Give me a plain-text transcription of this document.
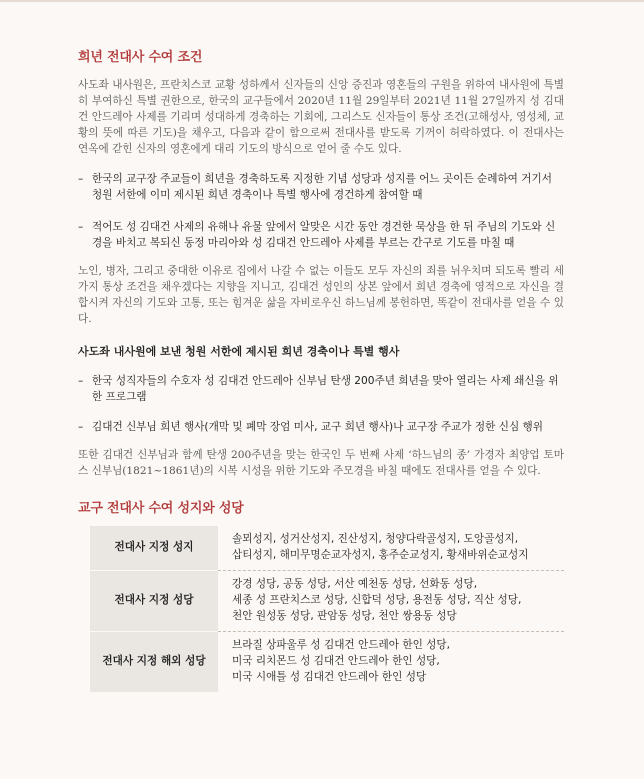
희년 전대사 수여 조건

사도좌 내사원은, 프란치스코 교황 성하께서 신자들의 신앙 증진과 영혼들의 구원을 위하여 내사원에 특별히 부여하신 특별 권한으로, 한국의 교구들에서 2020년 11월 29일부터 2021년 11월 27일까지 성 김대건 안드레아 사제를 기리며 성대하게 경축하는 기회에, 그리스도 신자들이 통상 조건(고해성사, 영성체, 교황의 뜻에 따른 기도)을 채우고, 다음과 같이 함으로써 전대사를 받도록 기꺼이 허락하였다. 이 전대사는 연옥에 갇힌 신자의 영혼에게 대리 기도의 방식으로 얻어 줄 수도 있다.

– 한국의 교구장 주교들이 희년을 경축하도록 지정한 기념 성당과 성지를 어느 곳이든 순례하여 거기서 청원 서한에 이미 제시된 희년 경축이나 특별 행사에 경건하게 참여할 때
– 적어도 성 김대건 사제의 유해나 유물 앞에서 알맞은 시간 동안 경건한 묵상을 한 뒤 주님의 기도와 신경을 바치고 복되신 동정 마리아와 성 김대건 안드레아 사제를 부르는 간구로 기도를 마칠 때

노인, 병자, 그리고 중대한 이유로 집에서 나갈 수 없는 이들도 모두 자신의 죄를 뉘우치며 되도록 빨리 세 가지 통상 조건을 채우겠다는 지향을 지니고, 김대건 성인의 상본 앞에서 희년 경축에 영적으로 자신을 결합시켜 자신의 기도와 고통, 또는 힘겨운 삶을 자비로우신 하느님께 봉헌하면, 똑같이 전대사를 얻을 수 있다.

사도좌 내사원에 보낸 청원 서한에 제시된 희년 경축이나 특별 행사
– 한국 성직자들의 수호자 성 김대건 안드레아 신부님 탄생 200주년 희년을 맞아 열리는 사제 쇄신을 위한 프로그램
– 김대건 신부님 희년 행사(개막 및 폐막 장엄 미사, 교구 희년 행사)나 교구장 주교가 정한 신심 행위

또한 김대건 신부님과 함께 탄생 200주년을 맞는 한국인 두 번째 사제 ‘하느님의 종’ 가경자 최양업 토마스 신부님(1821~1861년)의 시복 시성을 위한 기도와 주모경을 바칠 때에도 전대사를 얻을 수 있다.

교구 전대사 수여 성지와 성당
전대사 지정 성지	솔뫼성지, 성거산성지, 진산성지, 청양다락골성지, 도앙골성지,
삽티성지, 해미무명순교자성지, 홍주순교성지, 황새바위순교성지

전대사 지정 성당	강경 성당, 공동 성당, 서산 예천동 성당, 선화동 성당,
세종 성 프란치스코 성당, 신합덕 성당, 용전동 성당, 직산 성당,
천안 원성동 성당, 판암동 성당, 천안 쌍용동 성당

전대사 지정 해외 성당	브라질 상파울루 성 김대건 안드레아 한인 성당,
미국 리치몬드 성 김대건 안드레아 한인 성당,
미국 시애틀 성 김대건 안드레아 한인 성당
